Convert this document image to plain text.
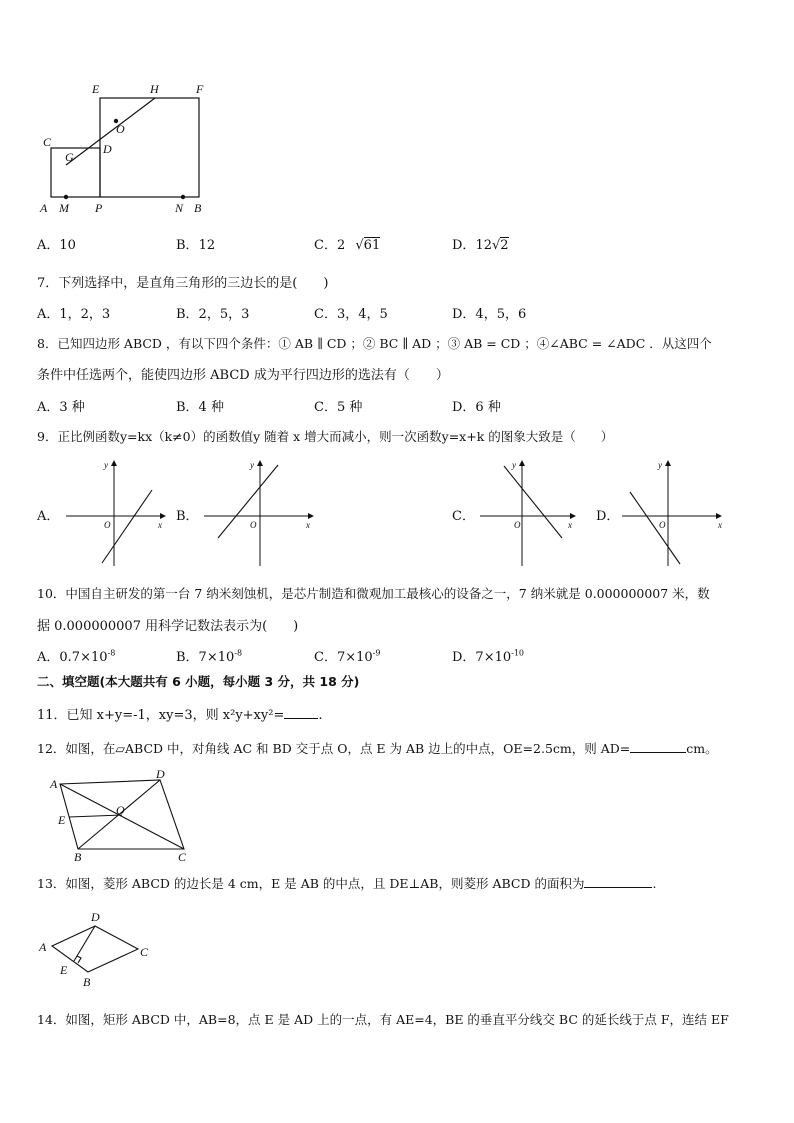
E	H	F
O
C
G
D
A M P	N B
A．10	B．12	C．2 √61	D．12√2
7．下列选择中，是直角三角形的三边长的是(　　)
A．1，2，3	B．2，5，3	C．3，4，5	D．4，5，6
8．已知四边形 ABCD ，有以下四个条件：① AB ∥ CD ；② BC ∥ AD ；③ AB = CD ；④∠ABC = ∠ADC ．从这四个
条件中任选两个，能使四边形 ABCD 成为平行四边形的选法有（　　）
A．3 种	B．4 种	C．5 种	D．6 种
9．正比例函数y=kx（k≠0）的函数值y 随着 x 增大而减小，则一次函数y=x+k 的图象大致是（　　）
A．
y
x
O
B．
y
x
O
C．
y
x
O
D．
y
x
O
10．中国自主研发的第一台 7 纳米刻蚀机，是芯片制造和微观加工最核心的设备之一，7 纳米就是 0.000000007 米，数
据 0.000000007 用科学记数法表示为(　　)
A．$0.7\times 10^{-8}$	B．$7\times 10^{-8}$	C．$7\times 10^{-9}$	D．$7\times 10^{-10}$
二、填空题(本大题共有 6 小题，每小题 3 分，共 18 分)
11．已知 x+y=-1，xy=3，则 x²y+xy²=	.
12．如图，在▱ABCD 中，对角线 AC 和 BD 交于点 O，点 E 为 AB 边上的中点，OE=2.5cm，则 AD=	cm。
A
D
O
E
B	C
13．如图，菱形 ABCD 的边长是 4 cm，E 是 AB 的中点，且 DE⊥AB，则菱形 ABCD 的面积为	.
D
A	C
E
B
14．如图，矩形 ABCD 中，AB=8，点 E 是 AD 上的一点，有 AE=4，BE 的垂直平分线交 BC 的延长线于点 F，连结 EF
